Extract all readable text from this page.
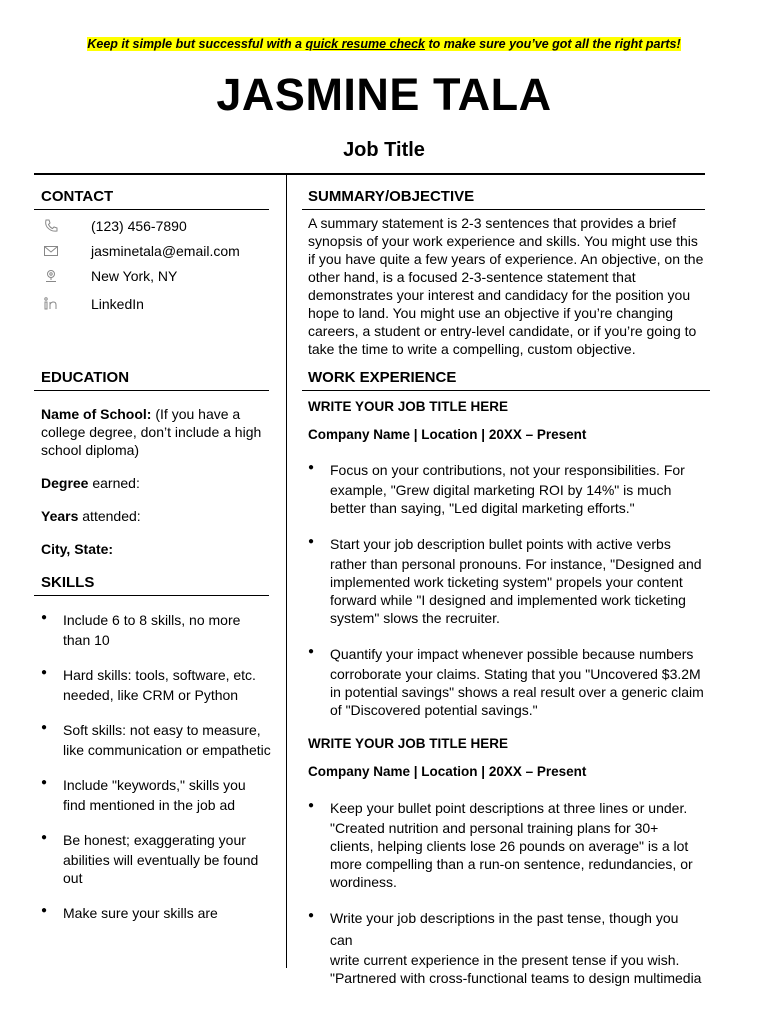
Keep it simple but successful with a quick resume check to make sure you’ve got all the right parts!
JASMINE TALA
Job Title
CONTACT
(123) 456-7890
jasminetala@email.com
New York, NY
LinkedIn
EDUCATION
Name of School: (If you have a college degree, don’t include a high school diploma)
Degree earned:
Years attended:
City, State:
SKILLS
● Include 6 to 8 skills, no more
than 10
● Hard skills: tools, software, etc.
needed, like CRM or Python
● Soft skills: not easy to measure,
like communication or empathetic
● Include "keywords," skills you
find mentioned in the job ad
● Be honest; exaggerating your
abilities will eventually be found out
● Make sure your skills are
SUMMARY/OBJECTIVE
A summary statement is 2-3 sentences that provides a brief synopsis of your work experience and skills. You might use this if you have quite a few years of experience. An objective, on the other hand, is a focused 2-3-sentence statement that demonstrates your interest and candidacy for the position you hope to land. You might use an objective if you’re changing careers, a student or entry-level candidate, or if you’re going to take the time to write a compelling, custom objective.
WORK EXPERIENCE
WRITE YOUR JOB TITLE HERE
Company Name | Location | 20XX – Present
● Focus on your contributions, not your responsibilities. For
example, "Grew digital marketing ROI by 14%" is much better than saying, "Led digital marketing efforts."
● Start your job description bullet points with active verbs
rather than personal pronouns. For instance, "Designed and implemented work ticketing system" propels your content forward while "I designed and implemented work ticketing system" slows the recruiter.
● Quantify your impact whenever possible because numbers
corroborate your claims. Stating that you "Uncovered $3.2M in potential savings" shows a real result over a generic claim of "Discovered potential savings."
WRITE YOUR JOB TITLE HERE
Company Name | Location | 20XX – Present
● Keep your bullet point descriptions at three lines or under.
"Created nutrition and personal training plans for 30+ clients, helping clients lose 26 pounds on average" is a lot more compelling than a run-on sentence, redundancies, or wordiness.
● Write your job descriptions in the past tense, though you can
write current experience in the present tense if you wish. "Partnered with cross-functional teams to design multimedia
